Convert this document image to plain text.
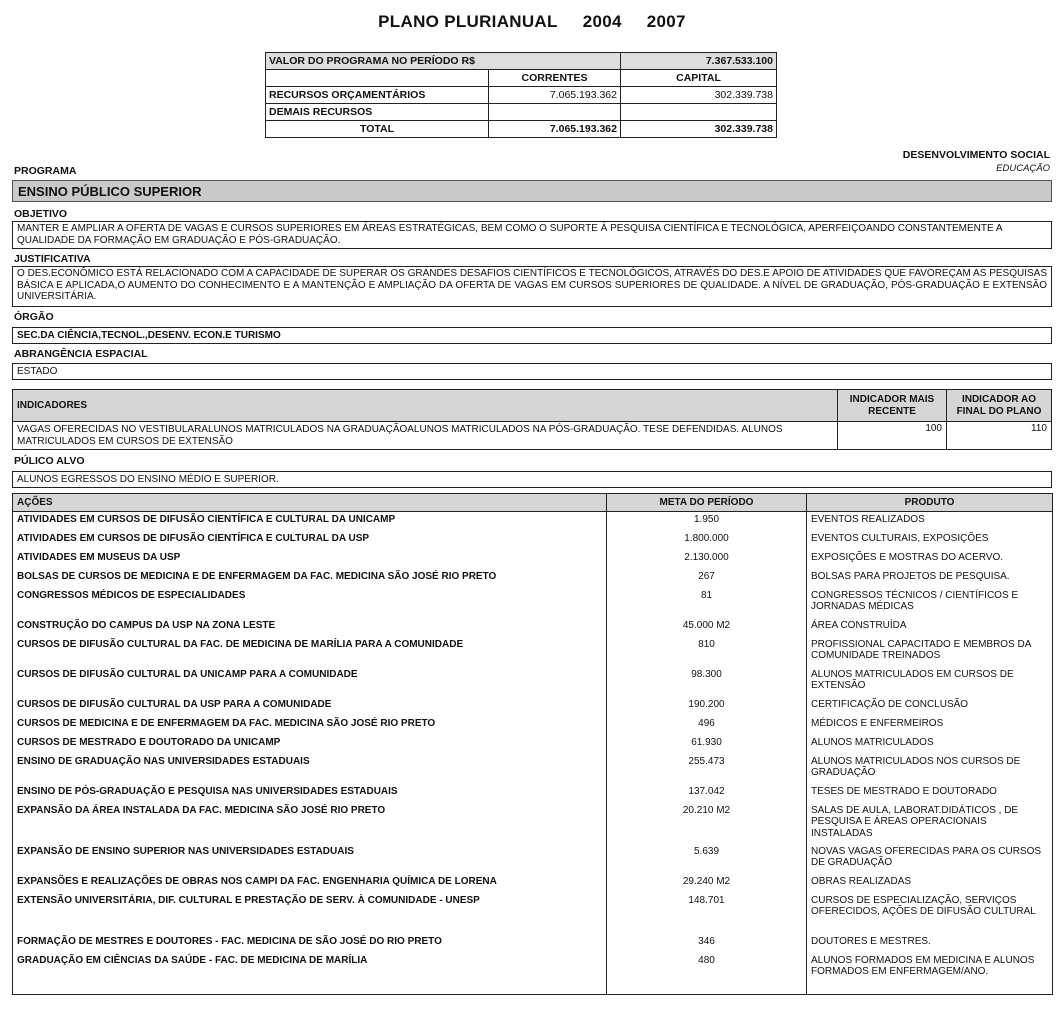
PLANO PLURIANUAL 2004 2007
VALOR DO PROGRAMA NO PERÍODO R$		7.367.533.100
	CORRENTES	CAPITAL
RECURSOS ORÇAMENTÁRIOS	7.065.193.362	302.339.738
DEMAIS RECURSOS		
TOTAL	7.065.193.362	302.339.738
DESENVOLVIMENTO SOCIAL
EDUCAÇÃO
PROGRAMA
ENSINO PÚBLICO SUPERIOR
OBJETIVO
MANTER E AMPLIAR A OFERTA DE VAGAS E CURSOS SUPERIORES EM ÁREAS ESTRATÉGICAS, BEM COMO O SUPORTE À PESQUISA CIENTÍFICA E TECNOLÓGICA, APERFEIÇOANDO CONSTANTEMENTE A QUALIDADE DA FORMAÇÃO EM GRADUAÇÃO E PÓS-GRADUAÇÃO.
JUSTIFICATIVA
O DES.ECONÔMICO ESTÁ RELACIONADO COM A CAPACIDADE DE SUPERAR OS GRANDES DESAFIOS CIENTÍFICOS E TECNOLÓGICOS, ATRAVÉS DO DES.E APOIO DE ATIVIDADES QUE FAVOREÇAM AS PESQUISAS BÁSICA E APLICADA,O AUMENTO DO CONHECIMENTO E A MANTENÇÃO E AMPLIAÇÃO DA OFERTA DE VAGAS EM CURSOS SUPERIORES DE QUALIDADE. A NÍVEL DE GRADUAÇÃO, PÓS-GRADUAÇÃO E EXTENSÃO UNIVERSITÁRIA.
ÓRGÃO
SEC.DA CIÊNCIA,TECNOL.,DESENV. ECON.E TURISMO
ABRANGÊNCIA ESPACIAL
ESTADO
INDICADORES	INDICADOR MAIS RECENTE	INDICADOR AO FINAL DO PLANO
VAGAS OFERECIDAS NO VESTIBULARALUNOS MATRICULADOS NA GRADUAÇÃOALUNOS MATRICULADOS NA PÓS-GRADUAÇÃO. TESE DEFENDIDAS. ALUNOS MATRICULADOS EM CURSOS DE EXTENSÃO	100	110
PÚLICO ALVO
ALUNOS EGRESSOS DO ENSINO MÉDIO E SUPERIOR.
AÇÕES	META DO PERÍODO	PRODUTO
ATIVIDADES EM CURSOS DE DIFUSÃO CIENTÍFICA E CULTURAL DA UNICAMP	1.950	EVENTOS REALIZADOS
ATIVIDADES EM CURSOS DE DIFUSÃO CIENTÍFICA E CULTURAL DA USP	1.800.000	EVENTOS CULTURAIS, EXPOSIÇÕES
ATIVIDADES EM MUSEUS DA USP	2.130.000	EXPOSIÇÕES E MOSTRAS DO ACERVO.
BOLSAS DE CURSOS DE MEDICINA E DE ENFERMAGEM DA FAC. MEDICINA SÃO JOSÉ RIO PRETO	267	BOLSAS PARA PROJETOS DE PESQUISA.
CONGRESSOS MÉDICOS DE ESPECIALIDADES	81	CONGRESSOS TÉCNICOS / CIENTÍFICOS E JORNADAS MÉDICAS
CONSTRUÇÃO DO CAMPUS DA USP NA ZONA LESTE	45.000 M2	ÁREA CONSTRUÍDA
CURSOS DE DIFUSÃO CULTURAL DA FAC. DE MEDICINA DE MARÍLIA PARA A COMUNIDADE	810	PROFISSIONAL CAPACITADO E MEMBROS DA COMUNIDADE TREINADOS
CURSOS DE DIFUSÃO CULTURAL DA UNICAMP PARA A COMUNIDADE	98.300	ALUNOS MATRICULADOS EM CURSOS DE EXTENSÃO
CURSOS DE DIFUSÃO CULTURAL DA USP PARA A COMUNIDADE	190.200	CERTIFICAÇÃO DE CONCLUSÃO
CURSOS DE MEDICINA E DE ENFERMAGEM DA FAC. MEDICINA SÃO JOSÉ RIO PRETO	496	MÉDICOS E ENFERMEIROS
CURSOS DE MESTRADO E DOUTORADO DA UNICAMP	61.930	ALUNOS MATRICULADOS
ENSINO DE GRADUAÇÃO NAS UNIVERSIDADES ESTADUAIS	255.473	ALUNOS MATRICULADOS NOS CURSOS DE GRADUAÇÃO
ENSINO DE PÓS-GRADUAÇÃO E PESQUISA NAS UNIVERSIDADES ESTADUAIS	137.042	TESES DE MESTRADO E DOUTORADO
EXPANSÃO DA ÁREA INSTALADA DA FAC. MEDICINA SÃO JOSÉ RIO PRETO	20.210 M2	SALAS DE AULA, LABORAT.DIDÁTICOS , DE PESQUISA E ÁREAS OPERACIONAIS INSTALADAS
EXPANSÃO DE ENSINO SUPERIOR NAS UNIVERSIDADES ESTADUAIS	5.639	NOVAS VAGAS OFERECIDAS PARA OS CURSOS DE GRADUAÇÃO
EXPANSÕES E REALIZAÇÕES DE OBRAS NOS CAMPI DA FAC. ENGENHARIA QUÍMICA DE LORENA	29.240 M2	OBRAS REALIZADAS
EXTENSÃO UNIVERSITÁRIA, DIF. CULTURAL E PRESTAÇÃO DE SERV. À COMUNIDADE - UNESP	148.701	CURSOS DE ESPECIALIZAÇÃO, SERVIÇOS OFERECIDOS, AÇÕES DE DIFUSÃO CULTURAL
FORMAÇÃO DE MESTRES E DOUTORES - FAC. MEDICINA DE SÃO JOSÉ DO RIO PRETO	346	DOUTORES E MESTRES.
GRADUAÇÃO EM CIÊNCIAS DA SAÚDE - FAC. DE MEDICINA DE MARÍLIA	480	ALUNOS FORMADOS EM MEDICINA E ALUNOS FORMADOS EM ENFERMAGEM/ANO.
